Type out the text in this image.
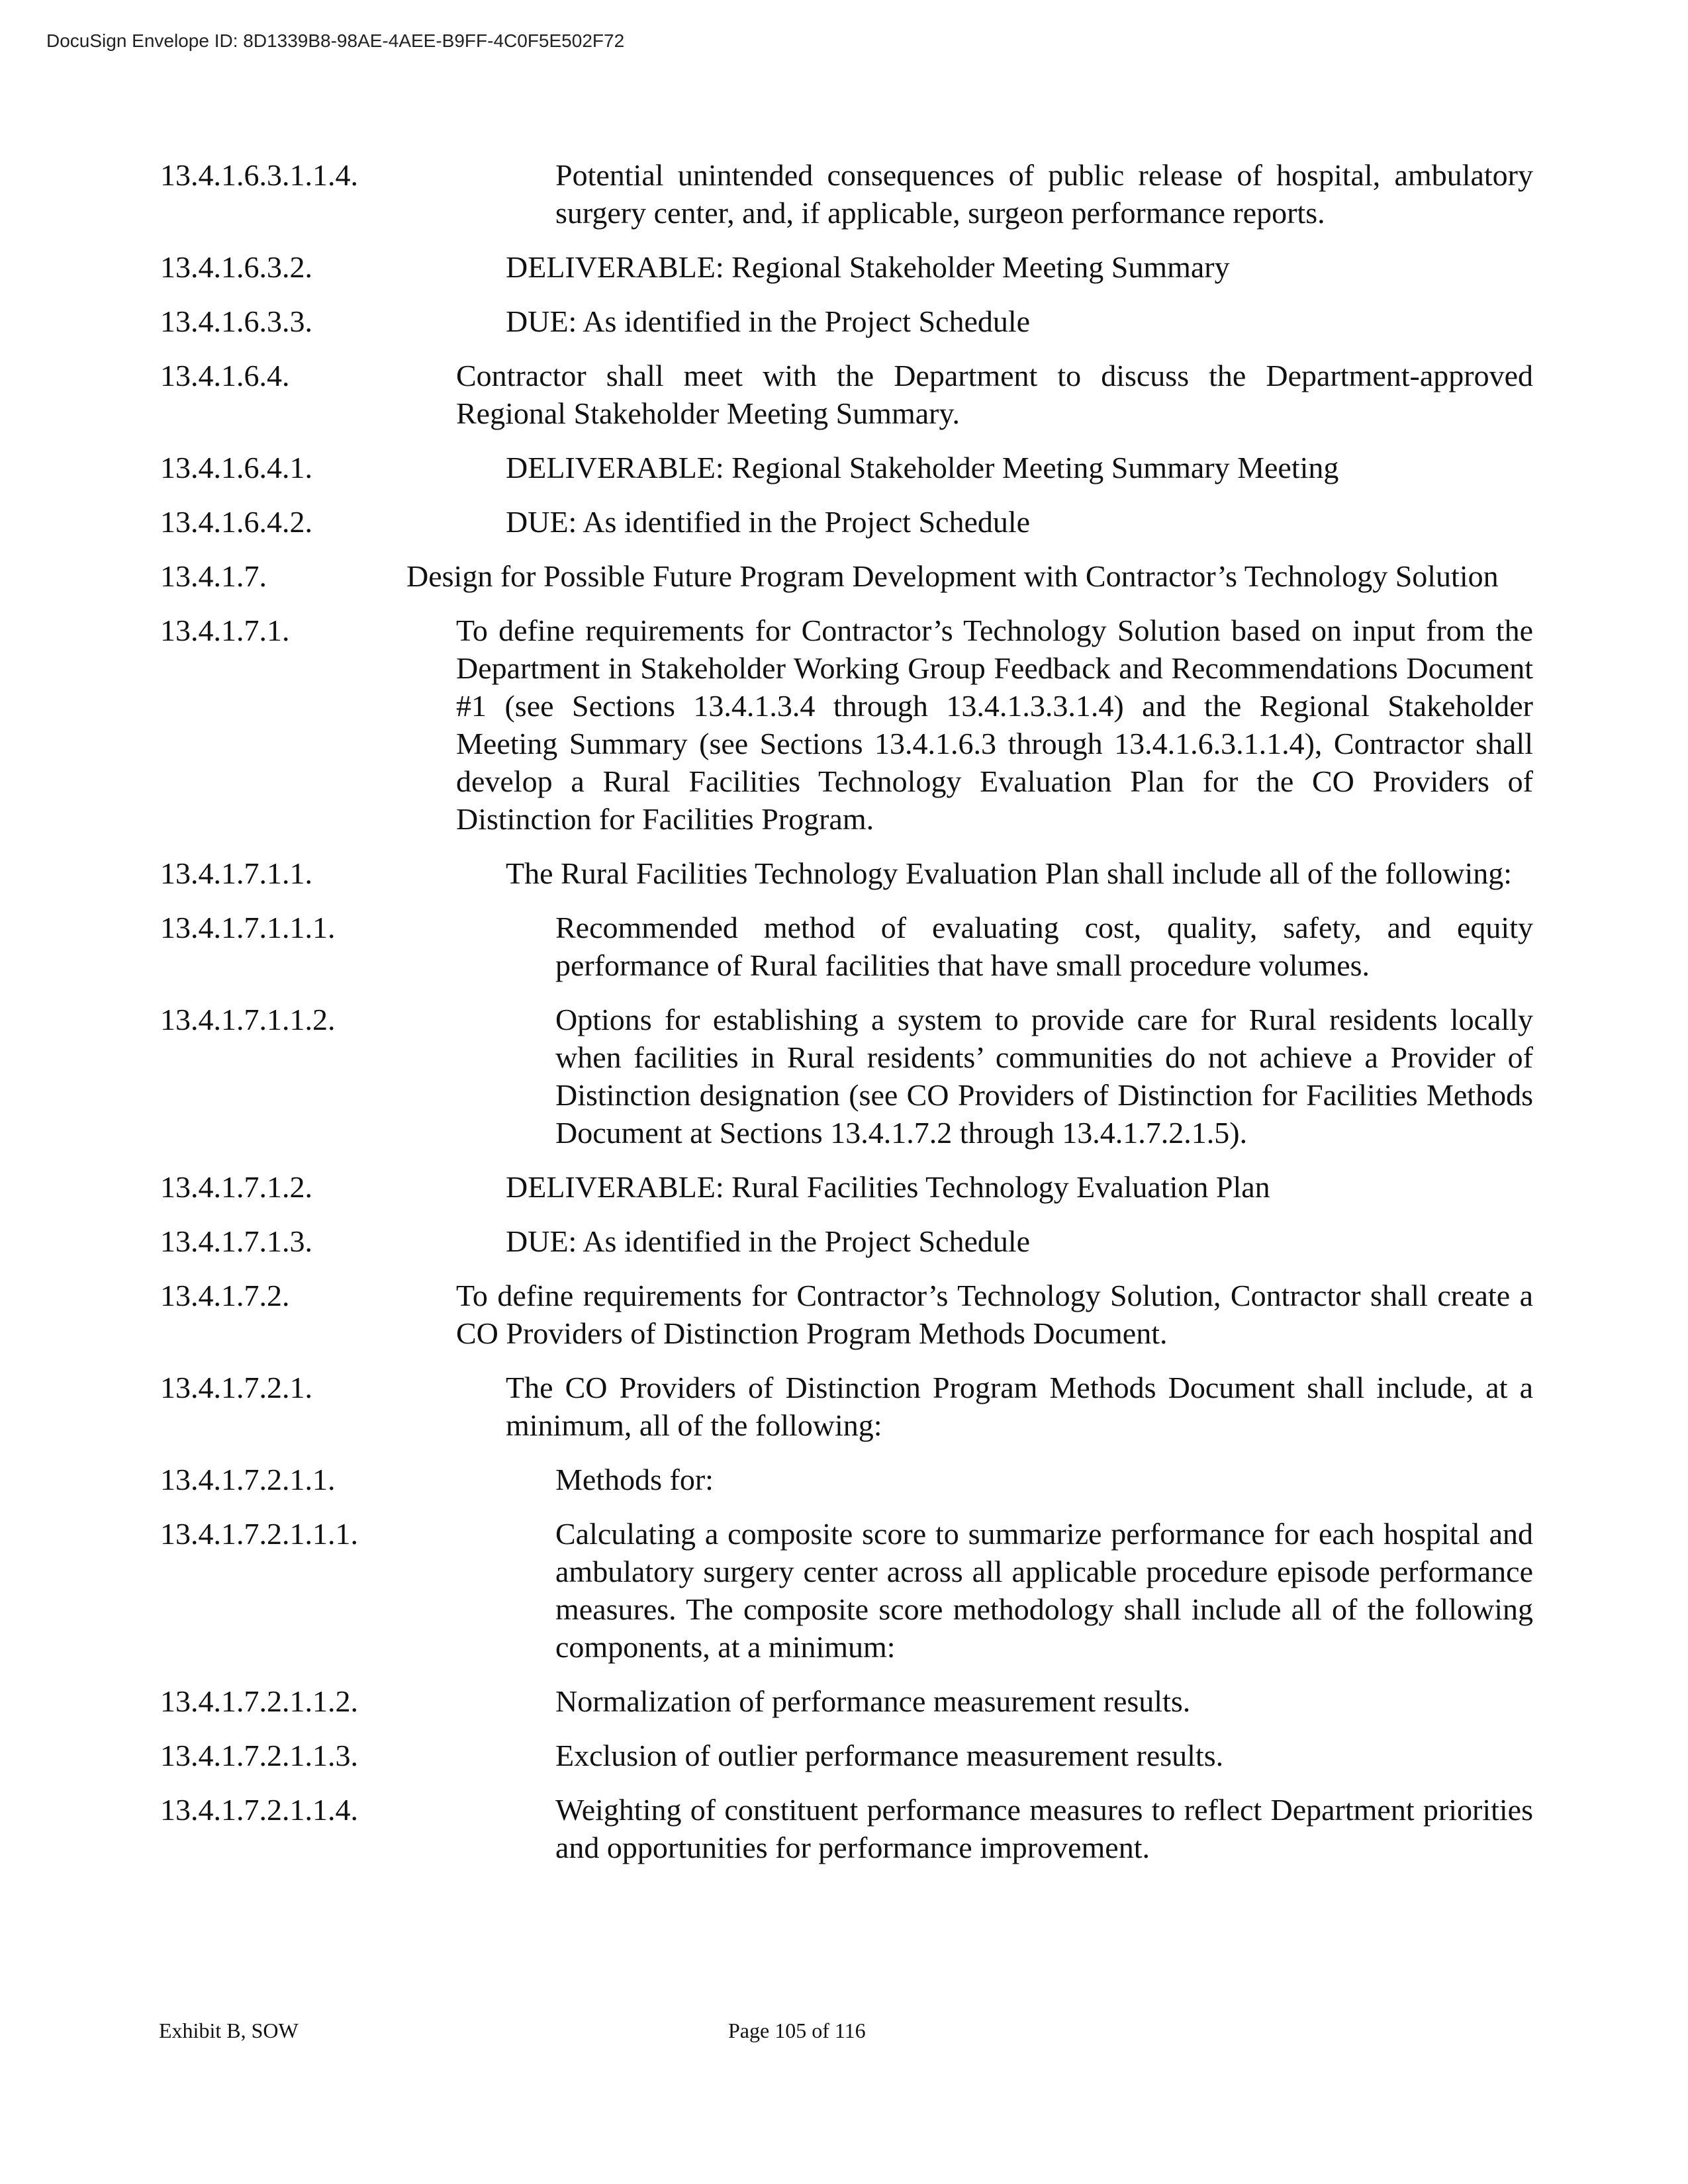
DocuSign Envelope ID: 8D1339B8-98AE-4AEE-B9FF-4C0F5E502F72
13.4.1.6.3.1.1.4.	Potential unintended consequences of public release of hospital, ambulatory surgery center, and, if applicable, surgeon performance reports.
13.4.1.6.3.2.	DELIVERABLE: Regional Stakeholder Meeting Summary
13.4.1.6.3.3.	DUE: As identified in the Project Schedule
13.4.1.6.4.	Contractor shall meet with the Department to discuss the Department-approved Regional Stakeholder Meeting Summary.
13.4.1.6.4.1.	DELIVERABLE: Regional Stakeholder Meeting Summary Meeting
13.4.1.6.4.2.	DUE: As identified in the Project Schedule
13.4.1.7.	Design for Possible Future Program Development with Contractor’s Technology Solution
13.4.1.7.1.	To define requirements for Contractor’s Technology Solution based on input from the Department in Stakeholder Working Group Feedback and Recommendations Document #1 (see Sections 13.4.1.3.4 through 13.4.1.3.3.1.4) and the Regional Stakeholder Meeting Summary (see Sections 13.4.1.6.3 through 13.4.1.6.3.1.1.4), Contractor shall develop a Rural Facilities Technology Evaluation Plan for the CO Providers of Distinction for Facilities Program.
13.4.1.7.1.1.	The Rural Facilities Technology Evaluation Plan shall include all of the following:
13.4.1.7.1.1.1.	Recommended method of evaluating cost, quality, safety, and equity performance of Rural facilities that have small procedure volumes.
13.4.1.7.1.1.2.	Options for establishing a system to provide care for Rural residents locally when facilities in Rural residents’ communities do not achieve a Provider of Distinction designation (see CO Providers of Distinction for Facilities Methods Document at Sections 13.4.1.7.2 through 13.4.1.7.2.1.5).
13.4.1.7.1.2.	DELIVERABLE: Rural Facilities Technology Evaluation Plan
13.4.1.7.1.3.	DUE: As identified in the Project Schedule
13.4.1.7.2.	To define requirements for Contractor’s Technology Solution, Contractor shall create a CO Providers of Distinction Program Methods Document.
13.4.1.7.2.1.	The CO Providers of Distinction Program Methods Document shall include, at a minimum, all of the following:
13.4.1.7.2.1.1.	Methods for:
13.4.1.7.2.1.1.1.	Calculating a composite score to summarize performance for each hospital and ambulatory surgery center across all applicable procedure episode performance measures. The composite score methodology shall include all of the following components, at a minimum:
13.4.1.7.2.1.1.2.	Normalization of performance measurement results.
13.4.1.7.2.1.1.3.	Exclusion of outlier performance measurement results.
13.4.1.7.2.1.1.4.	Weighting of constituent performance measures to reflect Department priorities and opportunities for performance improvement.
Exhibit B, SOW	Page 105 of 116
